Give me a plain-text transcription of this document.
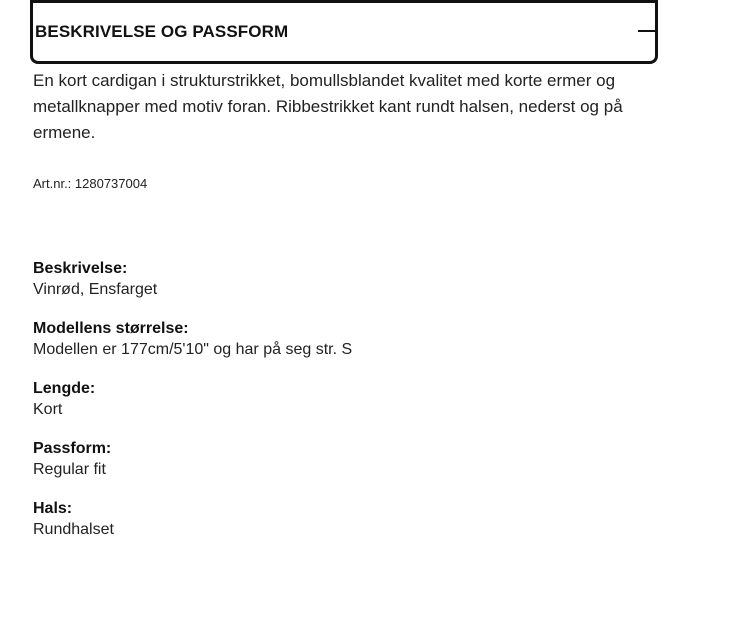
BESKRIVELSE OG PASSFORM
En kort cardigan i strukturstrikket, bomullsblandet kvalitet med korte ermer og metallknapper med motiv foran. Ribbestrikket kant rundt halsen, nederst og på ermene.
Art.nr.: 1280737004
Beskrivelse:
Vinrød, Ensfarget
Modellens størrelse:
Modellen er 177cm/5'10" og har på seg str. S
Lengde:
Kort
Passform:
Regular fit
Hals:
Rundhalset
